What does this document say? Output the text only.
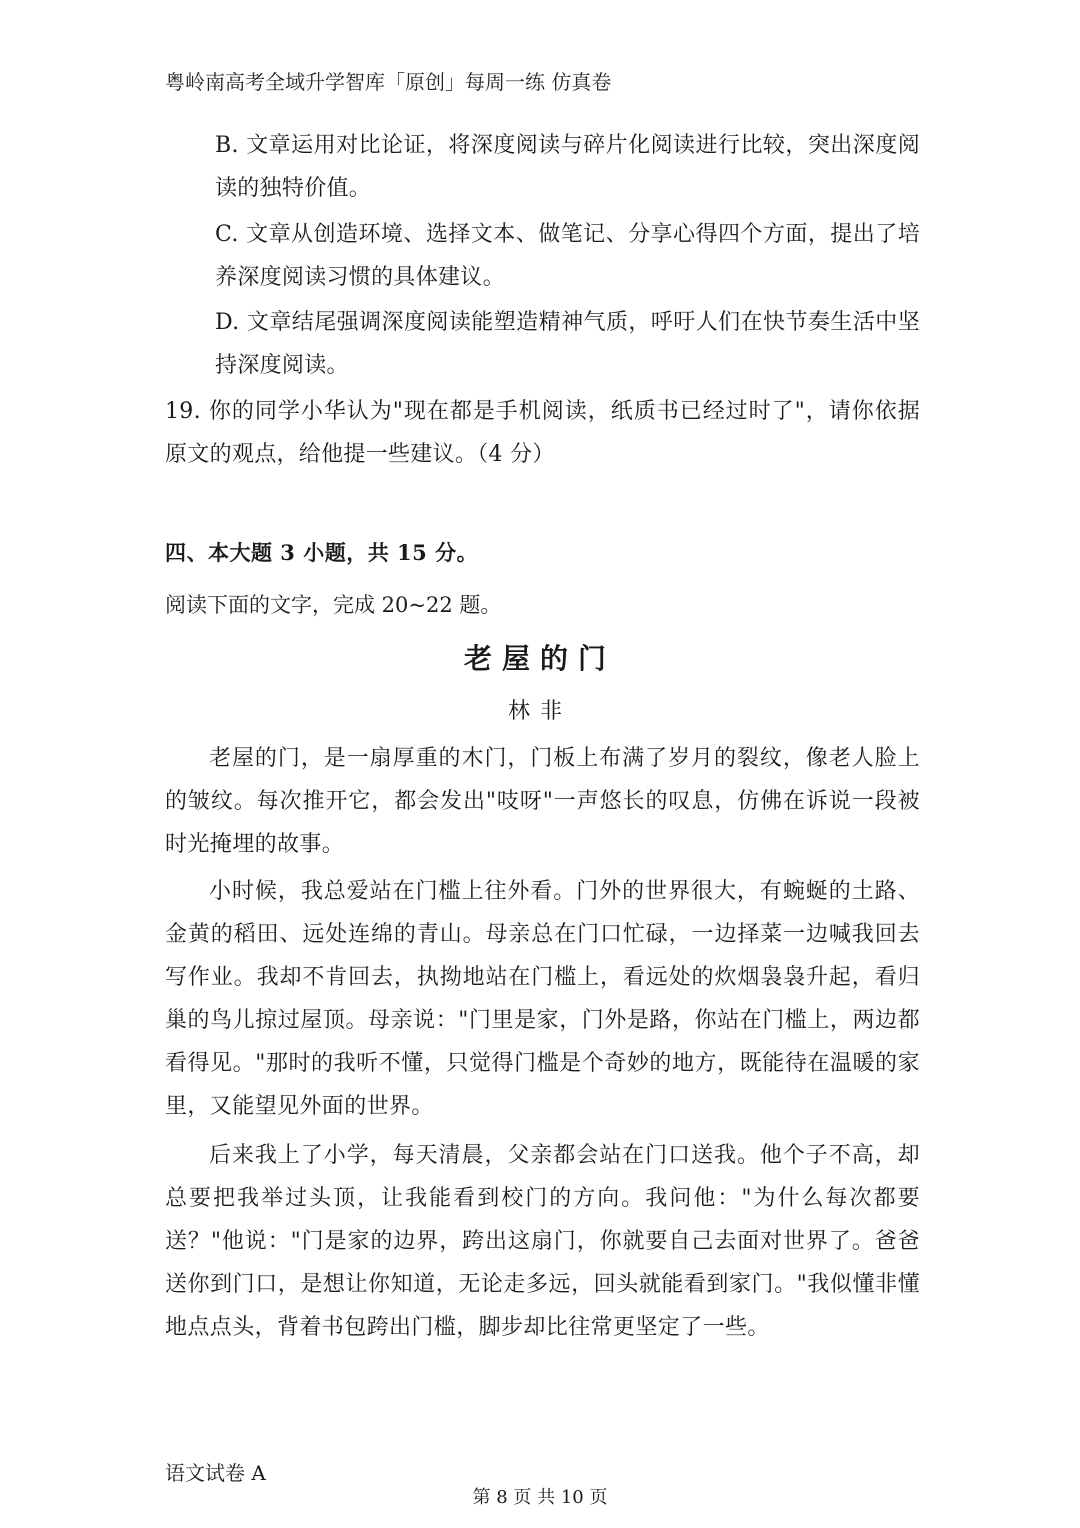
粤岭南高考全域升学智库「原创」每周一练 仿真卷
B. 文章运用对比论证，将深度阅读与碎片化阅读进行比较，突出深度阅读的独特价值。
C. 文章从创造环境、选择文本、做笔记、分享心得四个方面，提出了培养深度阅读习惯的具体建议。
D. 文章结尾强调深度阅读能塑造精神气质，呼吁人们在快节奏生活中坚持深度阅读。
19. 你的同学小华认为"现在都是手机阅读，纸质书已经过时了"，请你依据原文的观点，给他提一些建议。（4 分）
四、本大题 3 小题，共 15 分。
阅读下面的文字，完成 20~22 题。
老屋的门
林非
老屋的门，是一扇厚重的木门，门板上布满了岁月的裂纹，像老人脸上的皱纹。每次推开它，都会发出"吱呀"一声悠长的叹息，仿佛在诉说一段被时光掩埋的故事。
小时候，我总爱站在门槛上往外看。门外的世界很大，有蜿蜒的土路、金黄的稻田、远处连绵的青山。母亲总在门口忙碌，一边择菜一边喊我回去写作业。我却不肯回去，执拗地站在门槛上，看远处的炊烟袅袅升起，看归巢的鸟儿掠过屋顶。母亲说："门里是家，门外是路，你站在门槛上，两边都看得见。"那时的我听不懂，只觉得门槛是个奇妙的地方，既能待在温暖的家里，又能望见外面的世界。
后来我上了小学，每天清晨，父亲都会站在门口送我。他个子不高，却总要把我举过头顶，让我能看到校门的方向。我问他："为什么每次都要送？"他说："门是家的边界，跨出这扇门，你就要自己去面对世界了。爸爸送你到门口，是想让你知道，无论走多远，回头就能看到家门。"我似懂非懂地点点头，背着书包跨出门槛，脚步却比往常更坚定了一些。
语文试卷 A
第 8 页 共 10 页
